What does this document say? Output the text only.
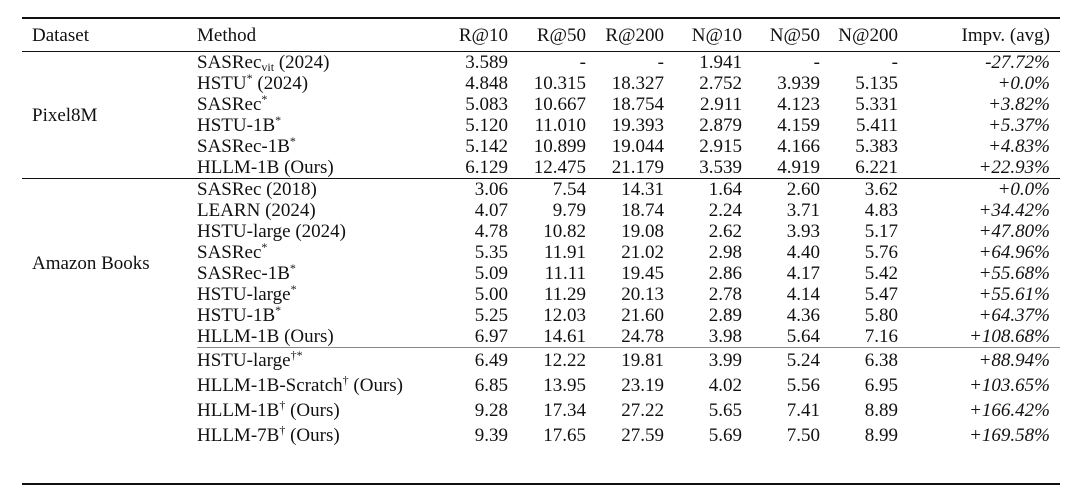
Dataset	Method	R@10	R@50	R@200	N@10	N@50	N@200	Impv. (avg)
Pixel8M	SASRec$_{vit}$ (2024)	3.589	-	-	1.941	-	-	-27.72%
	HSTU* (2024)	4.848	10.315	18.327	2.752	3.939	5.135	+0.0%
	SASRec*	5.083	10.667	18.754	2.911	4.123	5.331	+3.82%
	HSTU-1B*	5.120	11.010	19.393	2.879	4.159	5.411	+5.37%
	SASRec-1B*	5.142	10.899	19.044	2.915	4.166	5.383	+4.83%
	HLLM-1B (Ours)	6.129	12.475	21.179	3.539	4.919	6.221	+22.93%
Amazon Books	SASRec (2018)	3.06	7.54	14.31	1.64	2.60	3.62	+0.0%
	LEARN (2024)	4.07	9.79	18.74	2.24	3.71	4.83	+34.42%
	HSTU-large (2024)	4.78	10.82	19.08	2.62	3.93	5.17	+47.80%
	SASRec*	5.35	11.91	21.02	2.98	4.40	5.76	+64.96%
	SASRec-1B*	5.09	11.11	19.45	2.86	4.17	5.42	+55.68%
	HSTU-large*	5.00	11.29	20.13	2.78	4.14	5.47	+55.61%
	HSTU-1B*	5.25	12.03	21.60	2.89	4.36	5.80	+64.37%
	HLLM-1B (Ours)	6.97	14.61	24.78	3.98	5.64	7.16	+108.68%
	HSTU-large†*	6.49	12.22	19.81	3.99	5.24	6.38	+88.94%
	HLLM-1B-Scratch† (Ours)	6.85	13.95	23.19	4.02	5.56	6.95	+103.65%
	HLLM-1B† (Ours)	9.28	17.34	27.22	5.65	7.41	8.89	+166.42%
	HLLM-7B† (Ours)	9.39	17.65	27.59	5.69	7.50	8.99	+169.58%
